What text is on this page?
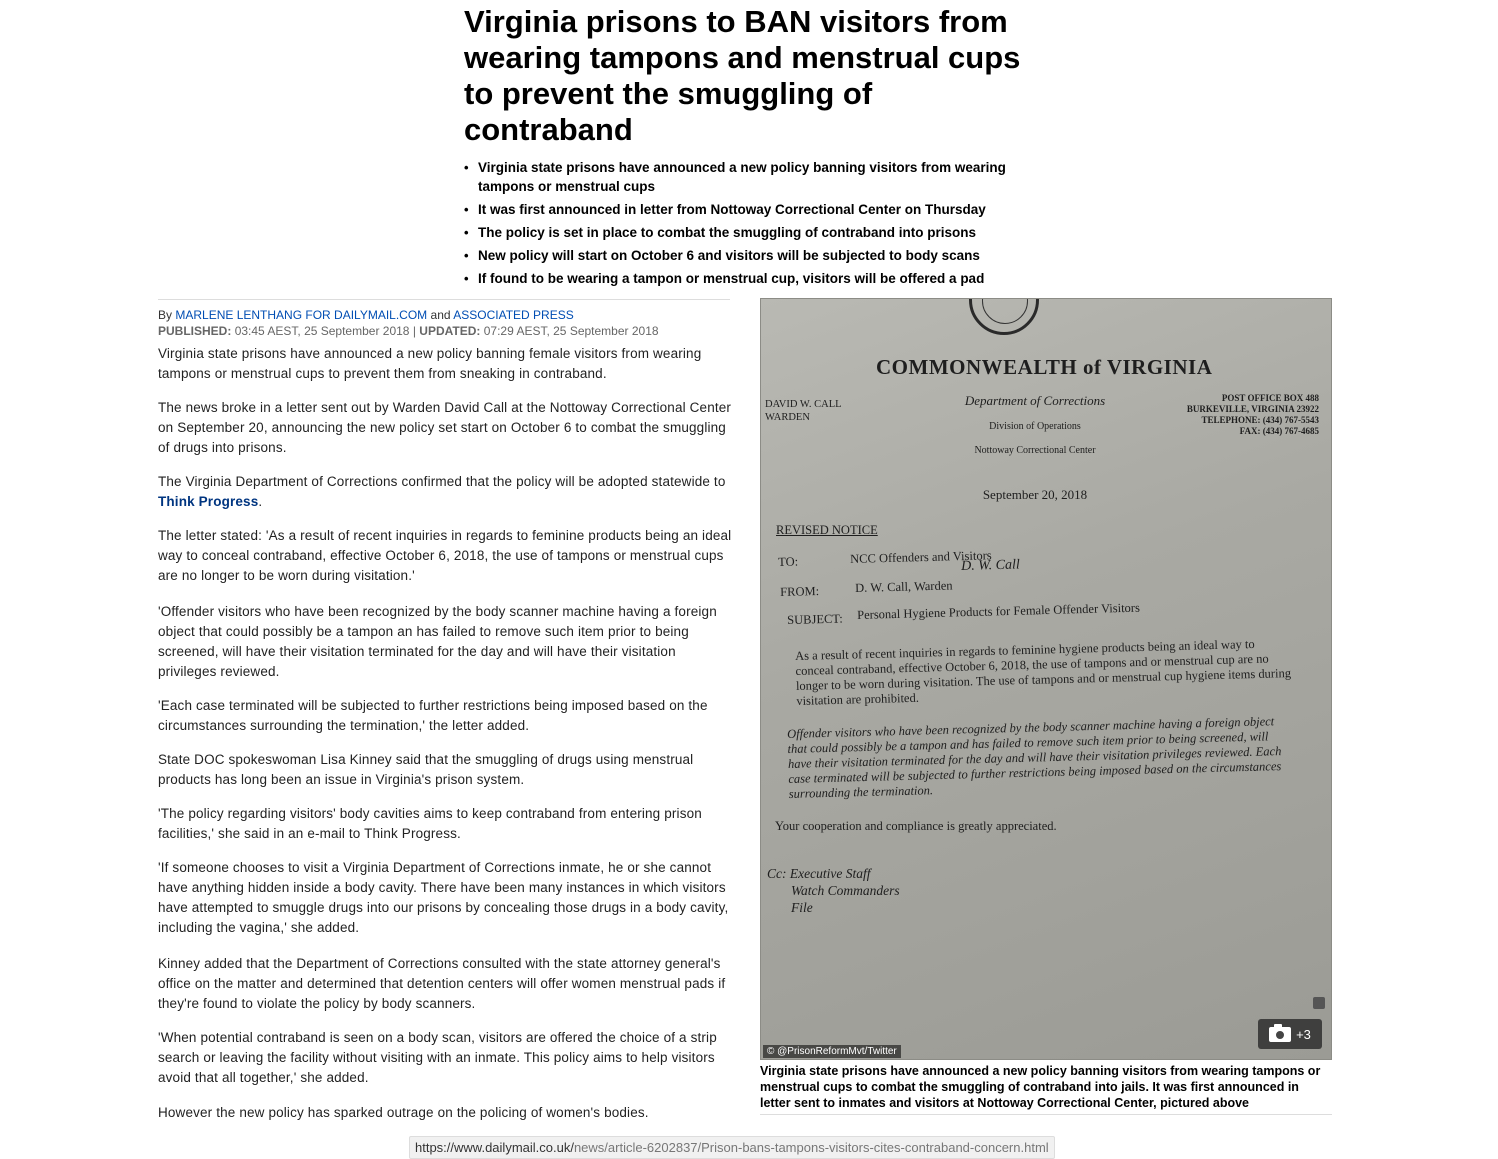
Virginia prisons to BAN visitors from wearing tampons and menstrual cups to prevent the smuggling of contraband
• Virginia state prisons have announced a new policy banning visitors from wearing tampons or menstrual cups
• It was first announced in letter from Nottoway Correctional Center on Thursday
• The policy is set in place to combat the smuggling of contraband into prisons
• New policy will start on October 6 and visitors will be subjected to body scans
• If found to be wearing a tampon or menstrual cup, visitors will be offered a pad
By MARLENE LENTHANG FOR DAILYMAIL.COM and ASSOCIATED PRESS
PUBLISHED: 03:45 AEST, 25 September 2018 | UPDATED: 07:29 AEST, 25 September 2018

Virginia state prisons have announced a new policy banning female visitors from wearing tampons or menstrual cups to prevent them from sneaking in contraband.

The news broke in a letter sent out by Warden David Call at the Nottoway Correctional Center on September 20, announcing the new policy set start on October 6 to combat the smuggling of drugs into prisons.

The Virginia Department of Corrections confirmed that the policy will be adopted statewide to Think Progress.

The letter stated: 'As a result of recent inquiries in regards to feminine products being an ideal way to conceal contraband, effective October 6, 2018, the use of tampons or menstrual cups are no longer to be worn during visitation.'

'Offender visitors who have been recognized by the body scanner machine having a foreign object that could possibly be a tampon an has failed to remove such item prior to being screened, will have their visitation terminated for the day and will have their visitation privileges reviewed.

'Each case terminated will be subjected to further restrictions being imposed based on the circumstances surrounding the termination,' the letter added.

State DOC spokeswoman Lisa Kinney said that the smuggling of drugs using menstrual products has long been an issue in Virginia's prison system.

'The policy regarding visitors' body cavities aims to keep contraband from entering prison facilities,' she said in an e-mail to Think Progress.

'If someone chooses to visit a Virginia Department of Corrections inmate, he or she cannot have anything hidden inside a body cavity. There have been many instances in which visitors have attempted to smuggle drugs into our prisons by concealing those drugs in a body cavity, including the vagina,' she added.

Kinney added that the Department of Corrections consulted with the state attorney general's office on the matter and determined that detention centers will offer women menstrual pads if they're found to violate the policy by body scanners.

'When potential contraband is seen on a body scan, visitors are offered the choice of a strip search or leaving the facility without visiting with an inmate. This policy aims to help visitors avoid that all together,' she added.

However the new policy has sparked outrage on the policing of women's bodies.

COMMONWEALTH of VIRGINIA
DAVID W. CALL
WARDEN
Department of Corrections
Division of Operations
Nottoway Correctional Center
POST OFFICE BOX 488
BURKEVILLE, VIRGINIA 23922
TELEPHONE: (434) 767-5543
FAX: (434) 767-4685
September 20, 2018
REVISED NOTICE
TO:	NCC Offenders and Visitors
D. W. Call
FROM:	D. W. Call, Warden
SUBJECT: Personal Hygiene Products for Female Offender Visitors
As a result of recent inquiries in regards to feminine hygiene products being an ideal way to conceal contraband, effective October 6, 2018, the use of tampons and or menstrual cup are no longer to be worn during visitation. The use of tampons and or menstrual cup hygiene items during visitation are prohibited.
Offender visitors who have been recognized by the body scanner machine having a foreign object that could possibly be a tampon and has failed to remove such item prior to being screened, will have their visitation terminated for the day and will have their visitation privileges reviewed. Each case terminated will be subjected to further restrictions being imposed based on the circumstances surrounding the termination.
Your cooperation and compliance is greatly appreciated.
Cc: Executive Staff
Watch Commanders
File
+3
© @PrisonReformMvt/Twitter
Virginia state prisons have announced a new policy banning visitors from wearing tampons or menstrual cups to combat the smuggling of contraband into jails. It was first announced in letter sent to inmates and visitors at Nottoway Correctional Center, pictured above
https://www.dailymail.co.uk/news/article-6202837/Prison-bans-tampons-visitors-cites-contraband-concern.html
